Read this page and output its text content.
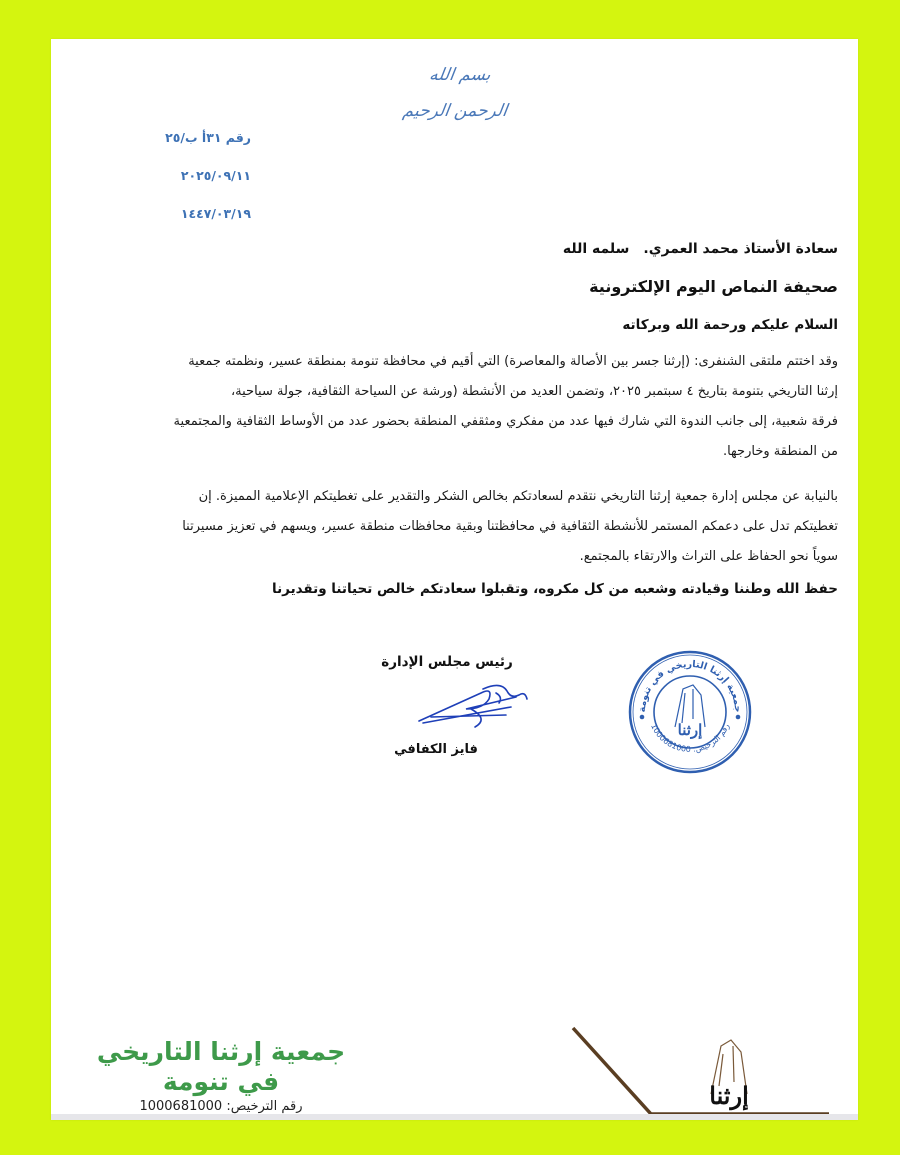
بسم الله الرحمن الرحيم
رقم ٣١أ ب/٢٥
٢٠٢٥/٠٩/١١
١٤٤٧/٠٣/١٩
سعادة الأستاذ محمد العمري.سلمه الله
صحيفة النماص اليوم الإلكترونية
السلام عليكم ورحمة الله وبركاته
وقد اختتم ملتقى الشنفرى: (إرثنا جسر بين الأصالة والمعاصرة) التي أقيم في محافظة تنومة بمنطقة عسير، ونظمته جمعية
إرثنا التاريخي بتنومة بتاريخ ٤ سبتمبر ٢٠٢٥، وتضمن العديد من الأنشطة (ورشة عن السياحة الثقافية، جولة سياحية،
فرقة شعبية، إلى جانب الندوة التي شارك فيها عدد من مفكري ومثقفي المنطقة بحضور عدد من الأوساط الثقافية والمجتمعية
من المنطقة وخارجها.
بالنيابة عن مجلس إدارة جمعية إرثنا التاريخي نتقدم لسعادتكم بخالص الشكر والتقدير على تغطيتكم الإعلامية المميزة. إن
تغطيتكم تدل على دعمكم المستمر للأنشطة الثقافية في محافظتنا وبقية محافظات منطقة عسير، ويسهم في تعزيز مسيرتنا
سوياً نحو الحفاظ على التراث والارتقاء بالمجتمع.
حفظ الله وطننا وقيادته وشعبه من كل مكروه، وتقبلوا سعادتكم خالص تحياتنا وتقديرنا
رئيس مجلس الإدارة
فايز الكفافي
جمعية إرثنا التاريخي في تنومة
رقم الترخيص: 1000681000
إرثنا
جمعية إرثنا التاريخي
في تنومة
رقم الترخيص: 1000681000	إرثنا
